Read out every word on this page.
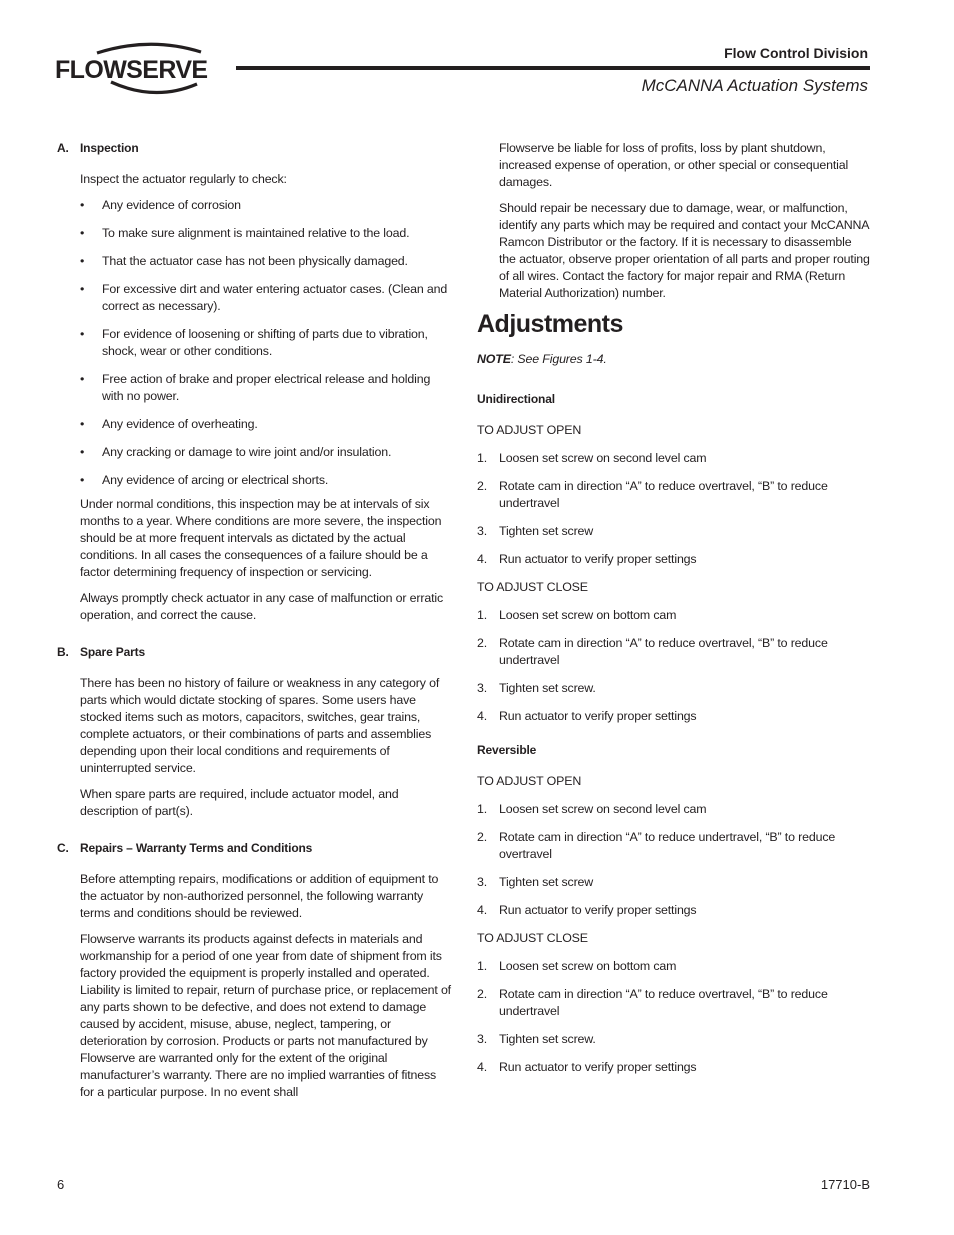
FLOWSERVE
Flow Control Division
McCANNA Actuation Systems
A. Inspection

Inspect the actuator regularly to check:

• Any evidence of corrosion
• To make sure alignment is maintained relative to the load.
• That the actuator case has not been physically damaged.
• For excessive dirt and water entering actuator cases. (Clean and correct as necessary).
• For evidence of loosening or shifting of parts due to vibration, shock, wear or other conditions.
• Free action of brake and proper electrical release and holding with no power.
• Any evidence of overheating.
• Any cracking or damage to wire joint and/or insulation.
• Any evidence of arcing or electrical shorts.

Under normal conditions, this inspection may be at intervals of six months to a year. Where conditions are more severe, the inspection should be at more frequent intervals as dictated by the actual conditions. In all cases the consequences of a failure should be a factor determining frequency of inspection or servicing.

Always promptly check actuator in any case of malfunction or erratic operation, and correct the cause.

B. Spare Parts

There has been no history of failure or weakness in any category of parts which would dictate stocking of spares. Some users have stocked items such as motors, capacitors, switches, gear trains, complete actuators, or their combinations of parts and assemblies depending upon their local conditions and requirements of uninterrupted service.

When spare parts are required, include actuator model, and description of part(s).

C. Repairs – Warranty Terms and Conditions

Before attempting repairs, modifications or addition of equipment to the actuator by non-authorized personnel, the following warranty terms and conditions should be reviewed.

Flowserve warrants its products against defects in materials and workmanship for a period of one year from date of shipment from its factory provided the equipment is properly installed and operated. Liability is limited to repair, return of purchase price, or replacement of any parts shown to be defective, and does not extend to damage caused by accident, misuse, abuse, neglect, tampering, or deterioration by corrosion. Products or parts not manufactured by Flowserve are warranted only for the extent of the original manufacturer’s warranty. There are no implied warranties of fitness for a particular purpose. In no event shall

Flowserve be liable for loss of profits, loss by plant shutdown, increased expense of operation, or other special or consequential damages.

Should repair be necessary due to damage, wear, or malfunction, identify any parts which may be required and contact your McCANNA Ramcon Distributor or the factory. If it is necessary to disassemble the actuator, observe proper orientation of all parts and proper routing of all wires. Contact the factory for major repair and RMA (Return Material Authorization) number.

Adjustments
NOTE: See Figures 1-4.
Unidirectional
TO ADJUST OPEN
1. Loosen set screw on second level cam
2. Rotate cam in direction “A” to reduce overtravel, “B” to reduce undertravel
3. Tighten set screw
4. Run actuator to verify proper settings
TO ADJUST CLOSE
1. Loosen set screw on bottom cam
2. Rotate cam in direction “A” to reduce overtravel, “B” to reduce undertravel
3. Tighten set screw.
4. Run actuator to verify proper settings
Reversible
TO ADJUST OPEN
1. Loosen set screw on second level cam
2. Rotate cam in direction “A” to reduce undertravel, “B” to reduce overtravel
3. Tighten set screw
4. Run actuator to verify proper settings
TO ADJUST CLOSE
1. Loosen set screw on bottom cam
2. Rotate cam in direction “A” to reduce overtravel, “B” to reduce undertravel
3. Tighten set screw.
4. Run actuator to verify proper settings
6	17710-B
